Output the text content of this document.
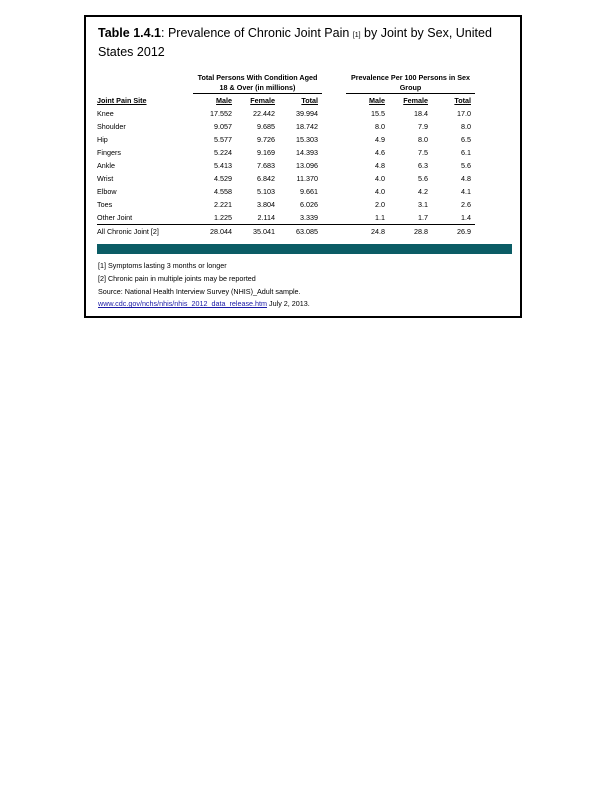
Table 1.4.1: Prevalence of Chronic Joint Pain [1] by Joint by Sex, United States 2012
	Total Persons With Condition Aged 18 & Over (in millions)				Prevalence Per 100 Persons in Sex Group		
Joint Pain Site	Male	Female	Total		Male	Female	Total
Knee	17.552	22.442	39.994		15.5	18.4	17.0
Shoulder	9.057	9.685	18.742		8.0	7.9	8.0
Hip	5.577	9.726	15.303		4.9	8.0	6.5
Fingers	5.224	9.169	14.393		4.6	7.5	6.1
Ankle	5.413	7.683	13.096		4.8	6.3	5.6
Wrist	4.529	6.842	11.370		4.0	5.6	4.8
Elbow	4.558	5.103	9.661		4.0	4.2	4.1
Toes	2.221	3.804	6.026		2.0	3.1	2.6
Other Joint	1.225	2.114	3.339		1.1	1.7	1.4
All Chronic Joint [2]	28.044	35.041	63.085		24.8	28.8	26.9
[1] Symptoms lasting 3 months or longer
[2] Chronic pain in multiple joints may be reported
Source: National Health Interview Survey (NHIS)_Adult sample.
www.cdc.gov/nchs/nhis/nhis_2012_data_release.htm July 2, 2013.
